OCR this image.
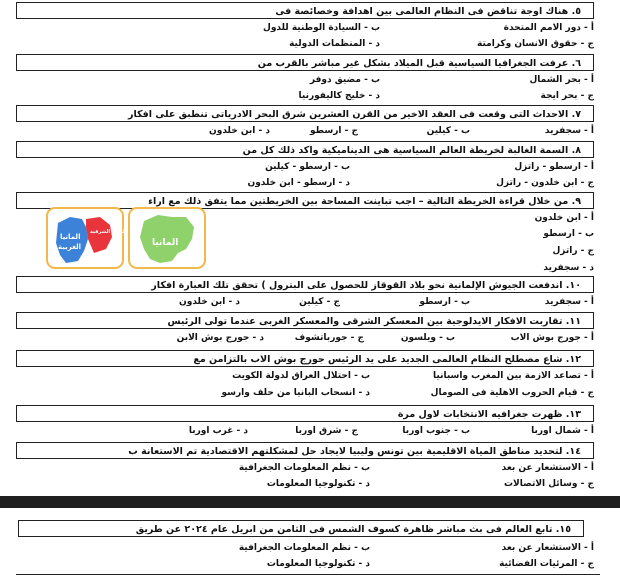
٥. هناك اوجة تناقض فى النظام العالمى بين اهدافة وخصائصة فى
أ - دور الامم المتحدة
ب - السيادة الوطنية للدول
ج - حقوق الانسان وكرامتة
د - المنظمات الدولية
٦. عرفت الجغرافيا السياسية قبل الميلاد بشكل غير مباشر بالقرب من
أ - بحر الشمال
ب - مضيق دوفر
ج - بحر ايجة
د - خليج كاليفورنيا
٧. الاحداث التى وقعت فى العقد الاخير من القرن العشرين شرق البحر الادرياتى تنطبق على افكار
أ - سجفريد
ب - كيلين
ج - ارسطو
د - ابن خلدون
٨. السمة الغالبة لخريطة العالم السياسية هى الديناميكية واكد ذلك كل من
أ - ارسطو - راتزل
ب - ارسطو - كيلين
ج - ابن خلدون - راتزل
د - ارسطو - ابن خلدون
٩. من خلال قراءة الخريطة التالية – اجب تباينت المساحة بين الخريطتين مما يتفق ذلك مع اراء
أ - ابن خلدون
ب - ارسطو
ج - راتزل
د - سجفريد
المانيا
الغربية
المانيا الشرقية
المانيا
١٠. اندفعت الجيوش الإلمانية نحو بلاد القوقاز للحصول على البترول ) تحقق تلك العبارة افكار
أ - سجفريد
ب - ارسطو
ج - كيلين
د - ابن خلدون
١١. تقاربت الافكار الايدلوجية بين المعسكر الشرقى والمعسكر الغربى عندما تولى الرئيس
أ - جورج بوش الاب
ب - ويلسون
ج - جورباتشوف
د - جورج بوش الابن
١٢. شاع مصطلح النظام العالمى الجديد على يد الرئيس جورج بوش الاب بالتزامن مع
أ - تصاعد الازمة بين المغرب واسبانيا
ب - احتلال العراق لدولة الكويت
ج - قيام الحروب الاهلية فى الصومال
د - انسحاب البانيا من حلف وارسو
١٣. ظهرت جغرافيه الانتخابات لاول مرة
أ - شمال اوربا
ب - جنوب اوربا
ج - شرق اوربا
د - غرب اوربا
١٤. لتحديد مناطق المياة الاقليمية بين تونس وليبيا لايجاد حل لمشكلتهم الاقتصادية تم الاستعانة ب
أ - الاستشعار عن بعد
ب - نظم المعلومات الجغرافية
ج - وسائل الاتصالات
د - تكنولوجيا المعلومات
١٥. تابع العالم فى بث مباشر ظاهرة كسوف الشمس فى الثامن من ابريل عام ٢٠٢٤ عن طريق
أ - الاستشعار عن بعد
ب - نظم المعلومات الجغرافية
ج - المرئيات الفضائية
د - تكنولوجيا المعلومات
